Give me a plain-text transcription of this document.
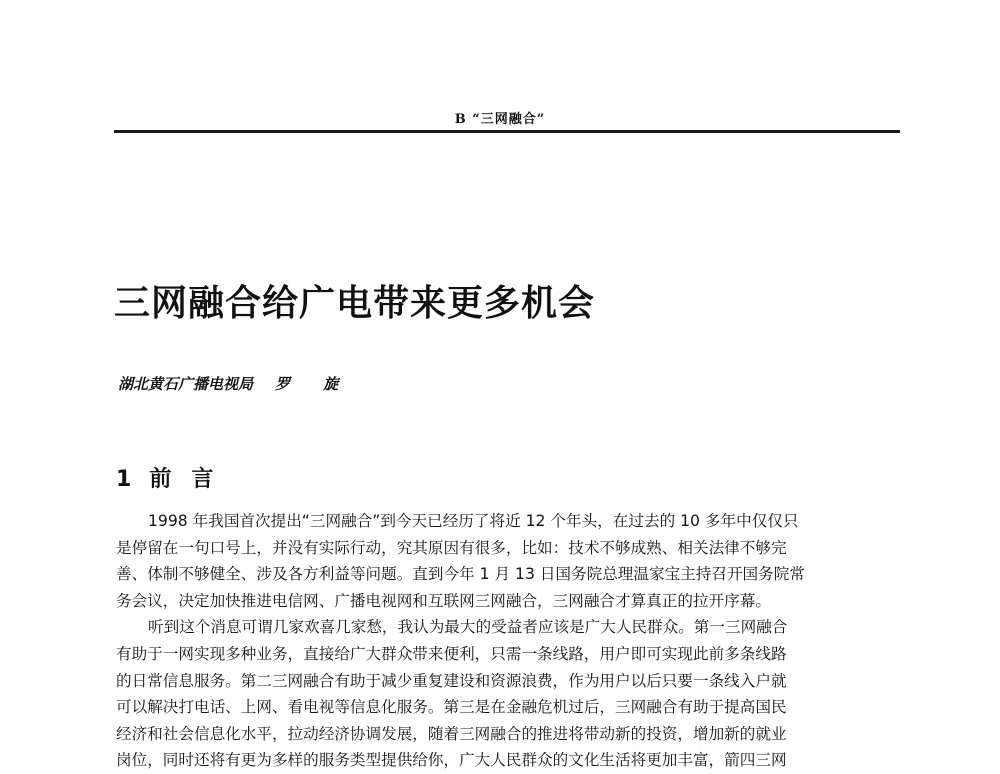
B “三网融合”
三网融合给广电带来更多机会
湖北黄石广播电视局 罗 旋
1 前言
1998 年我国首次提出“三网融合”到今天已经历了将近 12 个年头，在过去的 10 多年中仅仅只
是停留在一句口号上，并没有实际行动，究其原因有很多，比如：技术不够成熟、相关法律不够完
善、体制不够健全、涉及各方利益等问题。直到今年 1 月 13 日国务院总理温家宝主持召开国务院常
务会议，决定加快推进电信网、广播电视网和互联网三网融合，三网融合才算真正的拉开序幕。
听到这个消息可谓几家欢喜几家愁，我认为最大的受益者应该是广大人民群众。第一三网融合
有助于一网实现多种业务，直接给广大群众带来便利，只需一条线路，用户即可实现此前多条线路
的日常信息服务。第二三网融合有助于减少重复建设和资源浪费，作为用户以后只要一条线入户就
可以解决打电话、上网、看电视等信息化服务。第三是在金融危机过后，三网融合有助于提高国民
经济和社会信息化水平，拉动经济协调发展，随着三网融合的推进将带动新的投资，增加新的就业
岗位，同时还将有更为多样的服务类型提供给你，广大人民群众的文化生活将更加丰富，箭四三网
